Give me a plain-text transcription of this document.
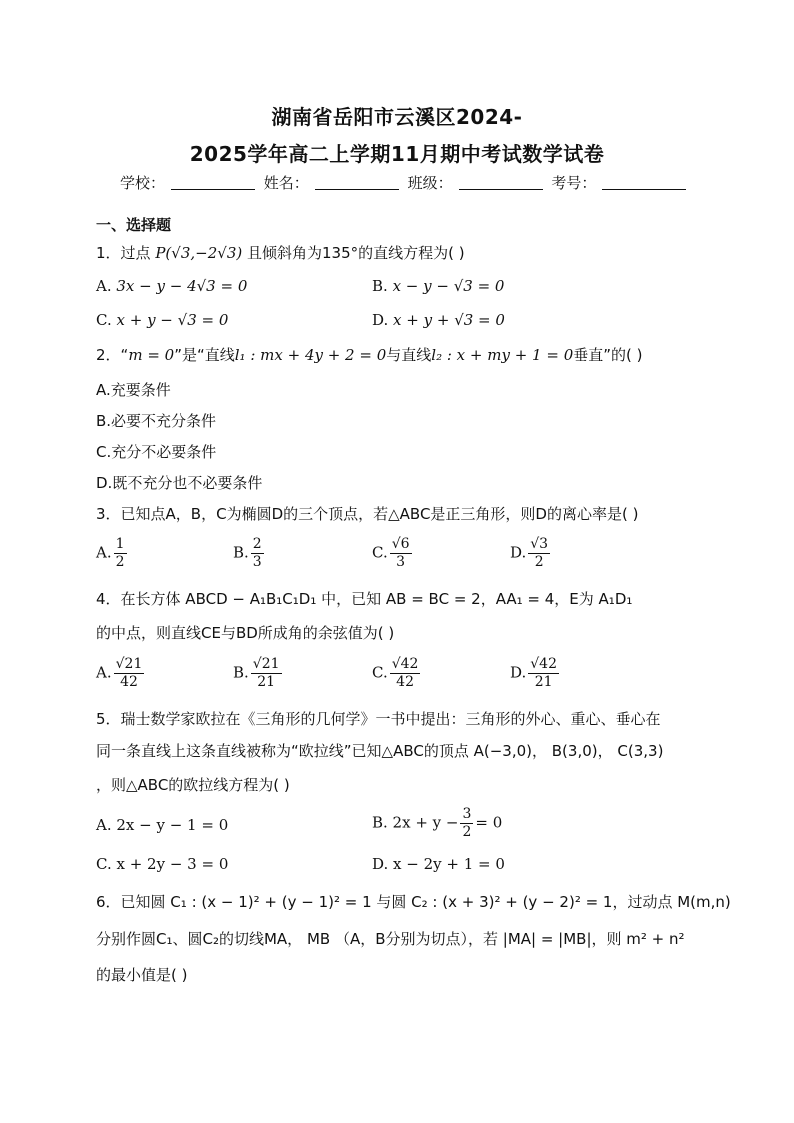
湖南省岳阳市云溪区2024-
2025学年高二上学期11月期中考试数学试卷
学校：	姓名：	班级：	考号：
一、选择题
1．过点 P(√3,−2√3) 且倾斜角为135°的直线方程为( )
A. 3x − y − 4√3 = 0	B. x − y − √3 = 0
C. x + y − √3 = 0	D. x + y + √3 = 0
2．“m = 0”是“直线l₁ : mx + 4y + 2 = 0与直线l₂ : x + my + 1 = 0垂直”的( )
A.充要条件
B.必要不充分条件
C.充分不必要条件
D.既不充分也不必要条件
3．已知点A，B，C为椭圆D的三个顶点，若△ABC是正三角形，则D的离心率是( )
A. $\frac{1}{2}$	B. $\frac{2}{3}$	C. $\frac{√6}{3}$	D. $\frac{√3}{2}$
4．在长方体 ABCD − A₁B₁C₁D₁ 中，已知 AB = BC = 2，AA₁ = 4，E为 A₁D₁
的中点，则直线CE与BD所成角的余弦值为( )
A. $\frac{√21}{42}$	B. $\frac{√21}{21}$	C. $\frac{√42}{42}$	D. $\frac{√42}{21}$
5．瑞士数学家欧拉在《三角形的几何学》一书中提出：三角形的外心、重心、垂心在
同一条直线上这条直线被称为“欧拉线”已知△ABC的顶点 A(−3,0)， B(3,0)， C(3,3)
，则△ABC的欧拉线方程为( )
A. 2x − y − 1 = 0	B. $2x + y - \frac{3}{2} = 0$
C. x + 2y − 3 = 0	D. x − 2y + 1 = 0
6．已知圆 C₁ : (x − 1)² + (y − 1)² = 1 与圆 C₂ : (x + 3)² + (y − 2)² = 1，过动点 M(m,n)
分别作圆C₁、圆C₂的切线MA， MB （A，B分别为切点），若 |MA| = |MB|，则 m² + n²
的最小值是( )
